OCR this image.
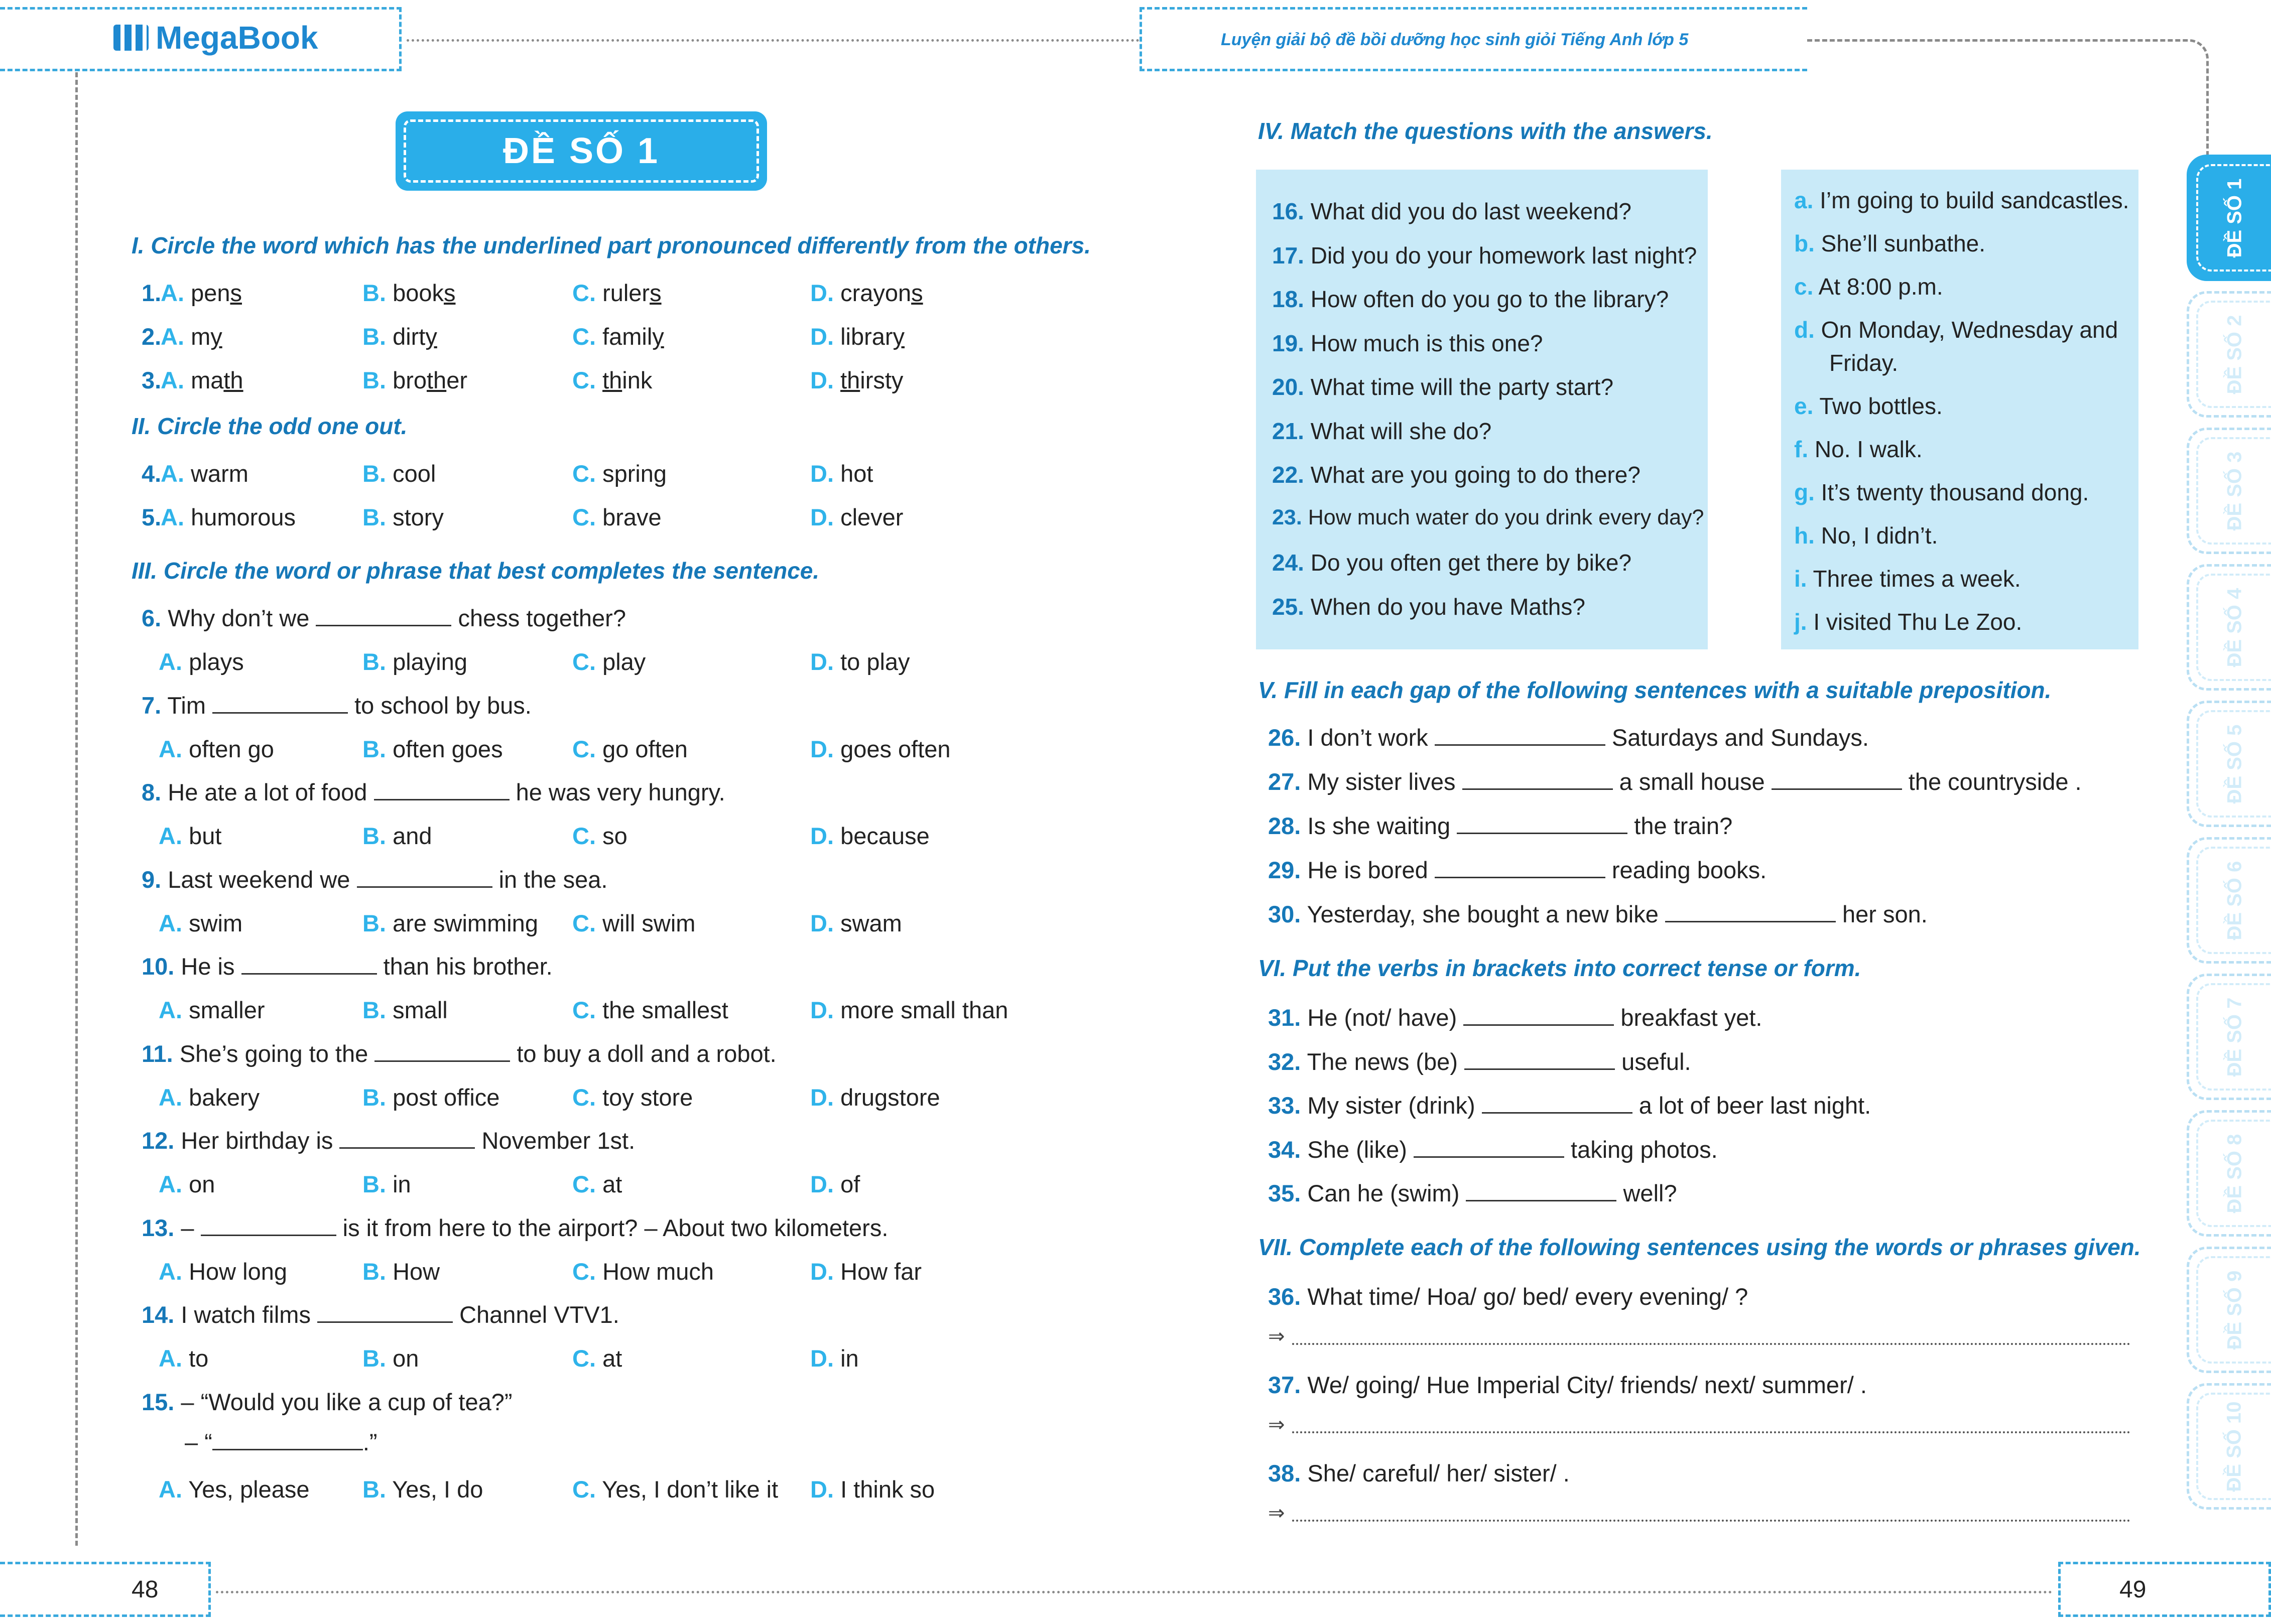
MegaBook	Luyện giải bộ đề bồi dưỡng học sinh giỏi Tiếng Anh lớp 5
48	49
ĐỀ SỐ 1
I. Circle the word which has the underlined part pronounced differently from the others.
II. Circle the odd one out.
III. Circle the word or phrase that best completes the sentence.
IV. Match the questions with the answers.
V. Fill in each gap of the following sentences with a suitable preposition.
VI. Put the verbs in brackets into correct tense or form.
VII. Complete each of the following sentences using the words or phrases given.
1.
A. pens	B. books	C. rulers	D. crayons
2.
A. my	B. dirty	C. family	D. library
3.
A. math	B. brother	C. think	D. thirsty
4.
A. warm	B. cool	C. spring	D. hot
5.
A. humorous	B. story	C. brave	D. clever
6. Why don’t we	chess together?
A. plays	B. playing	C. play	D. to play
7. Tim	to school by bus.
A. often go	B. often goes	C. go often	D. goes often
8. He ate a lot of food	he was very hungry.
A. but	B. and	C. so	D. because
9. Last weekend we	in the sea.
A. swim	B. are swimming C. will swim	D. swam
10. He is	than his brother.
A. smaller	B. small	C. the smallest	D. more small than
11. She’s going to the	to buy a doll and a robot.
A. bakery	B. post office	C. toy store	D. drugstore
12. Her birthday is	November 1st.
A. on	B. in	C. at	D. of
13. –	is it from here to the airport? – About two kilometers.
A. How long	B. How	C. How much	D. How far
14. I watch films	Channel VTV1.
A. to	B. on	C. at	D. in
15. – “Would you like a cup of tea?”
– “	.”
A. Yes, please B. Yes, I do	C. Yes, I don’t like it D. I think so
16. What did you do last weekend?
17. Did you do your homework last night?
18. How often do you go to the library?
19. How much is this one?
20. What time will the party start?
21. What will she do?
22. What are you going to do there?
23. How much water do you drink every day?
24. Do you often get there by bike?
25. When do you have Maths?
a. I’m going to build sandcastles.
b. She’ll sunbathe.
c. At 8:00 p.m.
d. On Monday, Wednesday and
Friday.
e. Two bottles.
f. No. I walk.
g. It’s twenty thousand dong.
h. No, I didn’t.
i. Three times a week.
j. I visited Thu Le Zoo.
26. I don’t work	Saturdays and Sundays.
27. My sister lives	a small house	the countryside .
28. Is she waiting	the train?
29. He is bored	reading books.
30. Yesterday, she bought a new bike	her son.
31. He (not/ have)	breakfast yet.
32. The news (be)	useful.
33. My sister (drink)	a lot of beer last night.
34. She (like)	taking photos.
35. Can he (swim)	well?
36. What time/ Hoa/ go/ bed/ every evening/ ?
⇒
37. We/ going/ Hue Imperial City/ friends/ next/ summer/ .
⇒
38. She/ careful/ her/ sister/ .
⇒
ĐỀ SỐ 1
ĐỀ SỐ 2
ĐỀ SỐ 3
ĐỀ SỐ 4
ĐỀ SỐ 5
ĐỀ SỐ 6
ĐỀ SỐ 7
ĐỀ SỐ 8
ĐỀ SỐ 9
ĐỀ SỐ 10
